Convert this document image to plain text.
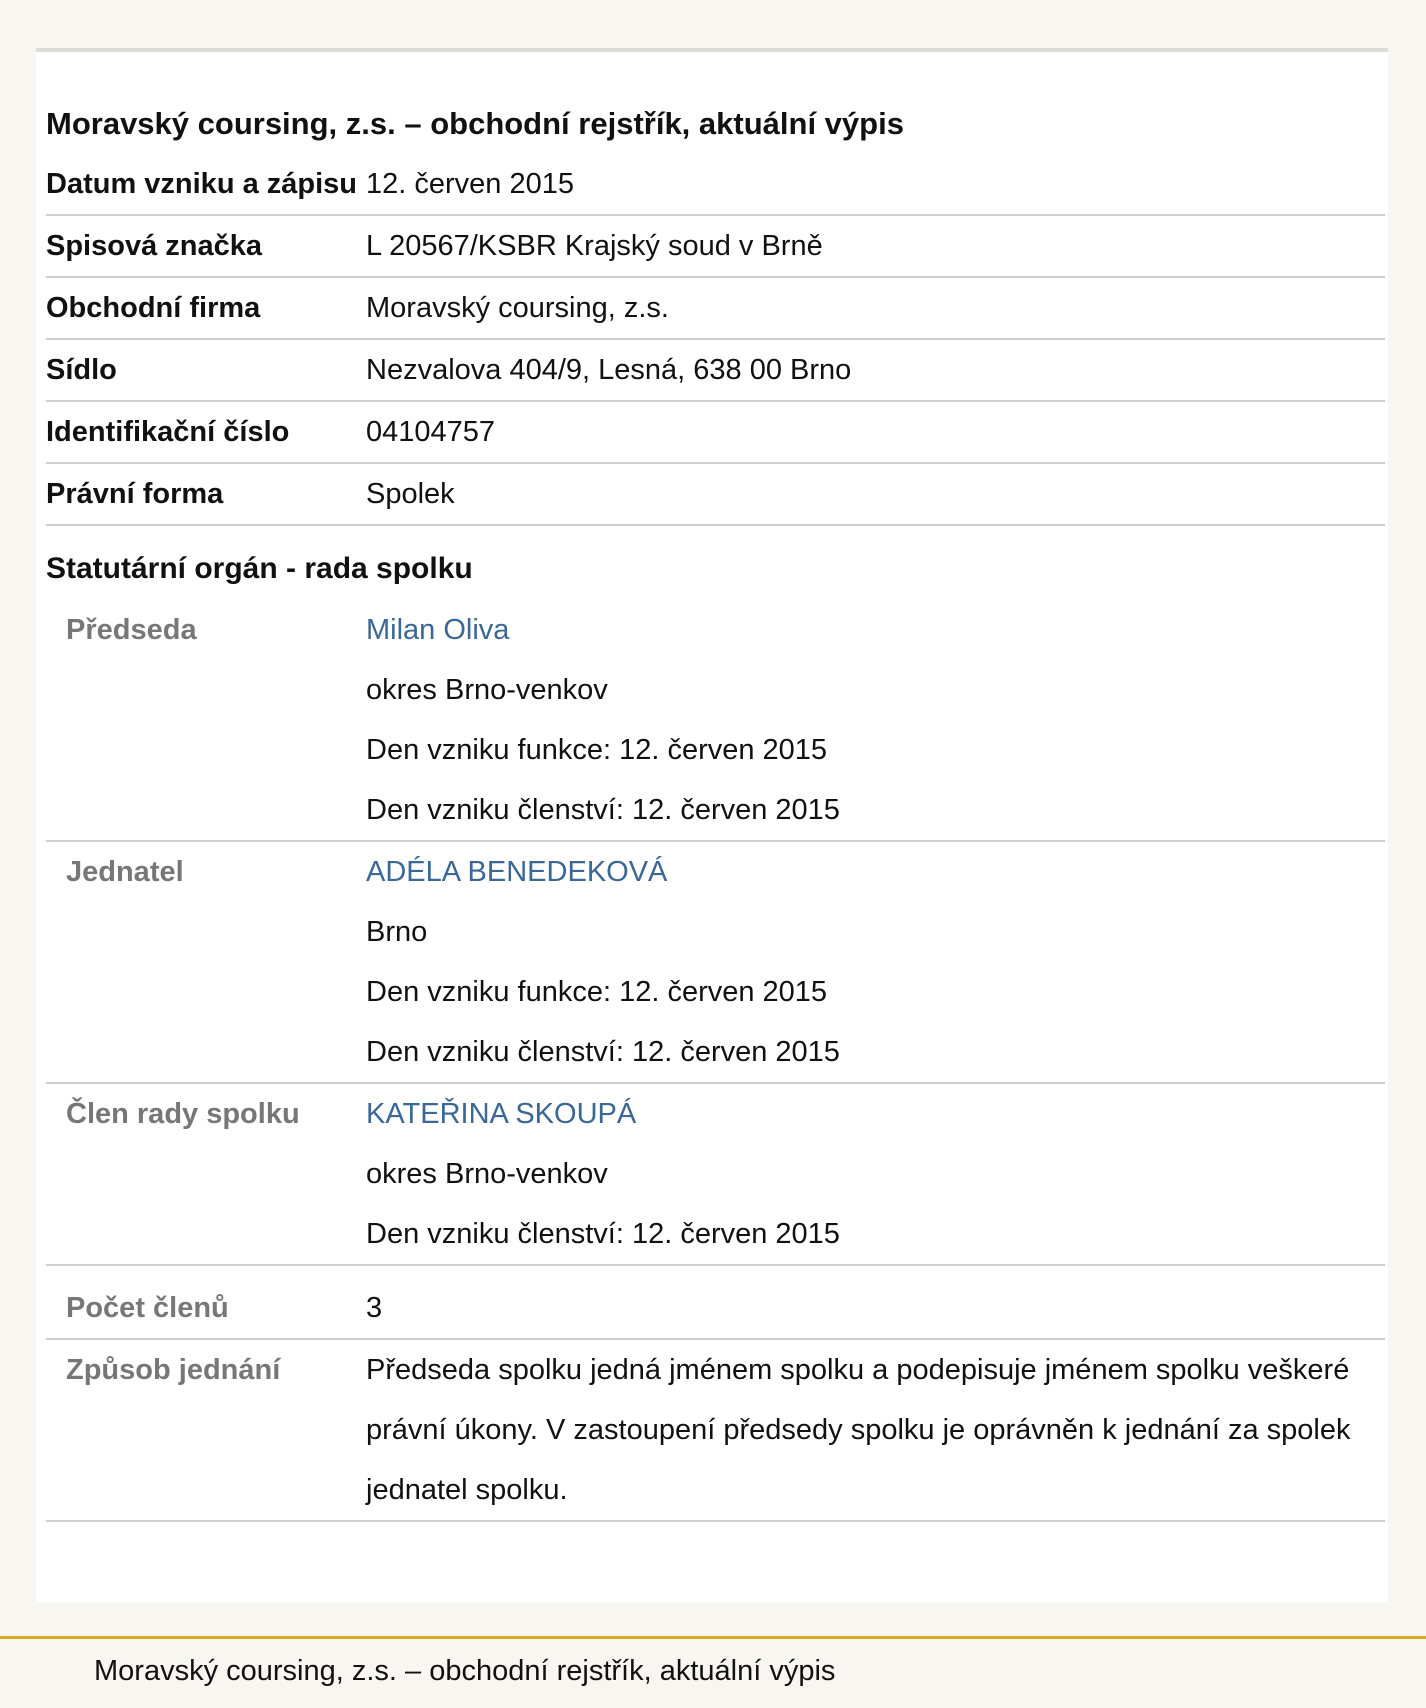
Moravský coursing, z.s. – obchodní rejstřík, aktuální výpis
Datum vzniku a zápisu	12. červen 2015
Spisová značka	L 20567/KSBR Krajský soud v Brně
Obchodní firma	Moravský coursing, z.s.
Sídlo	Nezvalova 404/9, Lesná, 638 00 Brno
Identifikační číslo	04104757
Právní forma	Spolek
Statutární orgán - rada spolku
Předseda	Milan Oliva
okres Brno-venkov
Den vzniku funkce: 12. červen 2015
Den vzniku členství: 12. červen 2015

Jednatel	ADÉLA BENEDEKOVÁ
Brno
Den vzniku funkce: 12. červen 2015
Den vzniku členství: 12. červen 2015

Člen rady spolku	KATEŘINA SKOUPÁ
okres Brno-venkov
Den vzniku členství: 12. červen 2015

Počet členů	3
Způsob jednání	Předseda spolku jedná jménem spolku a podepisuje jménem spolku veškeré právní úkony. V zastoupení předsedy spolku je oprávněn k jednání za spolek jednatel spolku.
Moravský coursing, z.s. – obchodní rejstřík, aktuální výpis
